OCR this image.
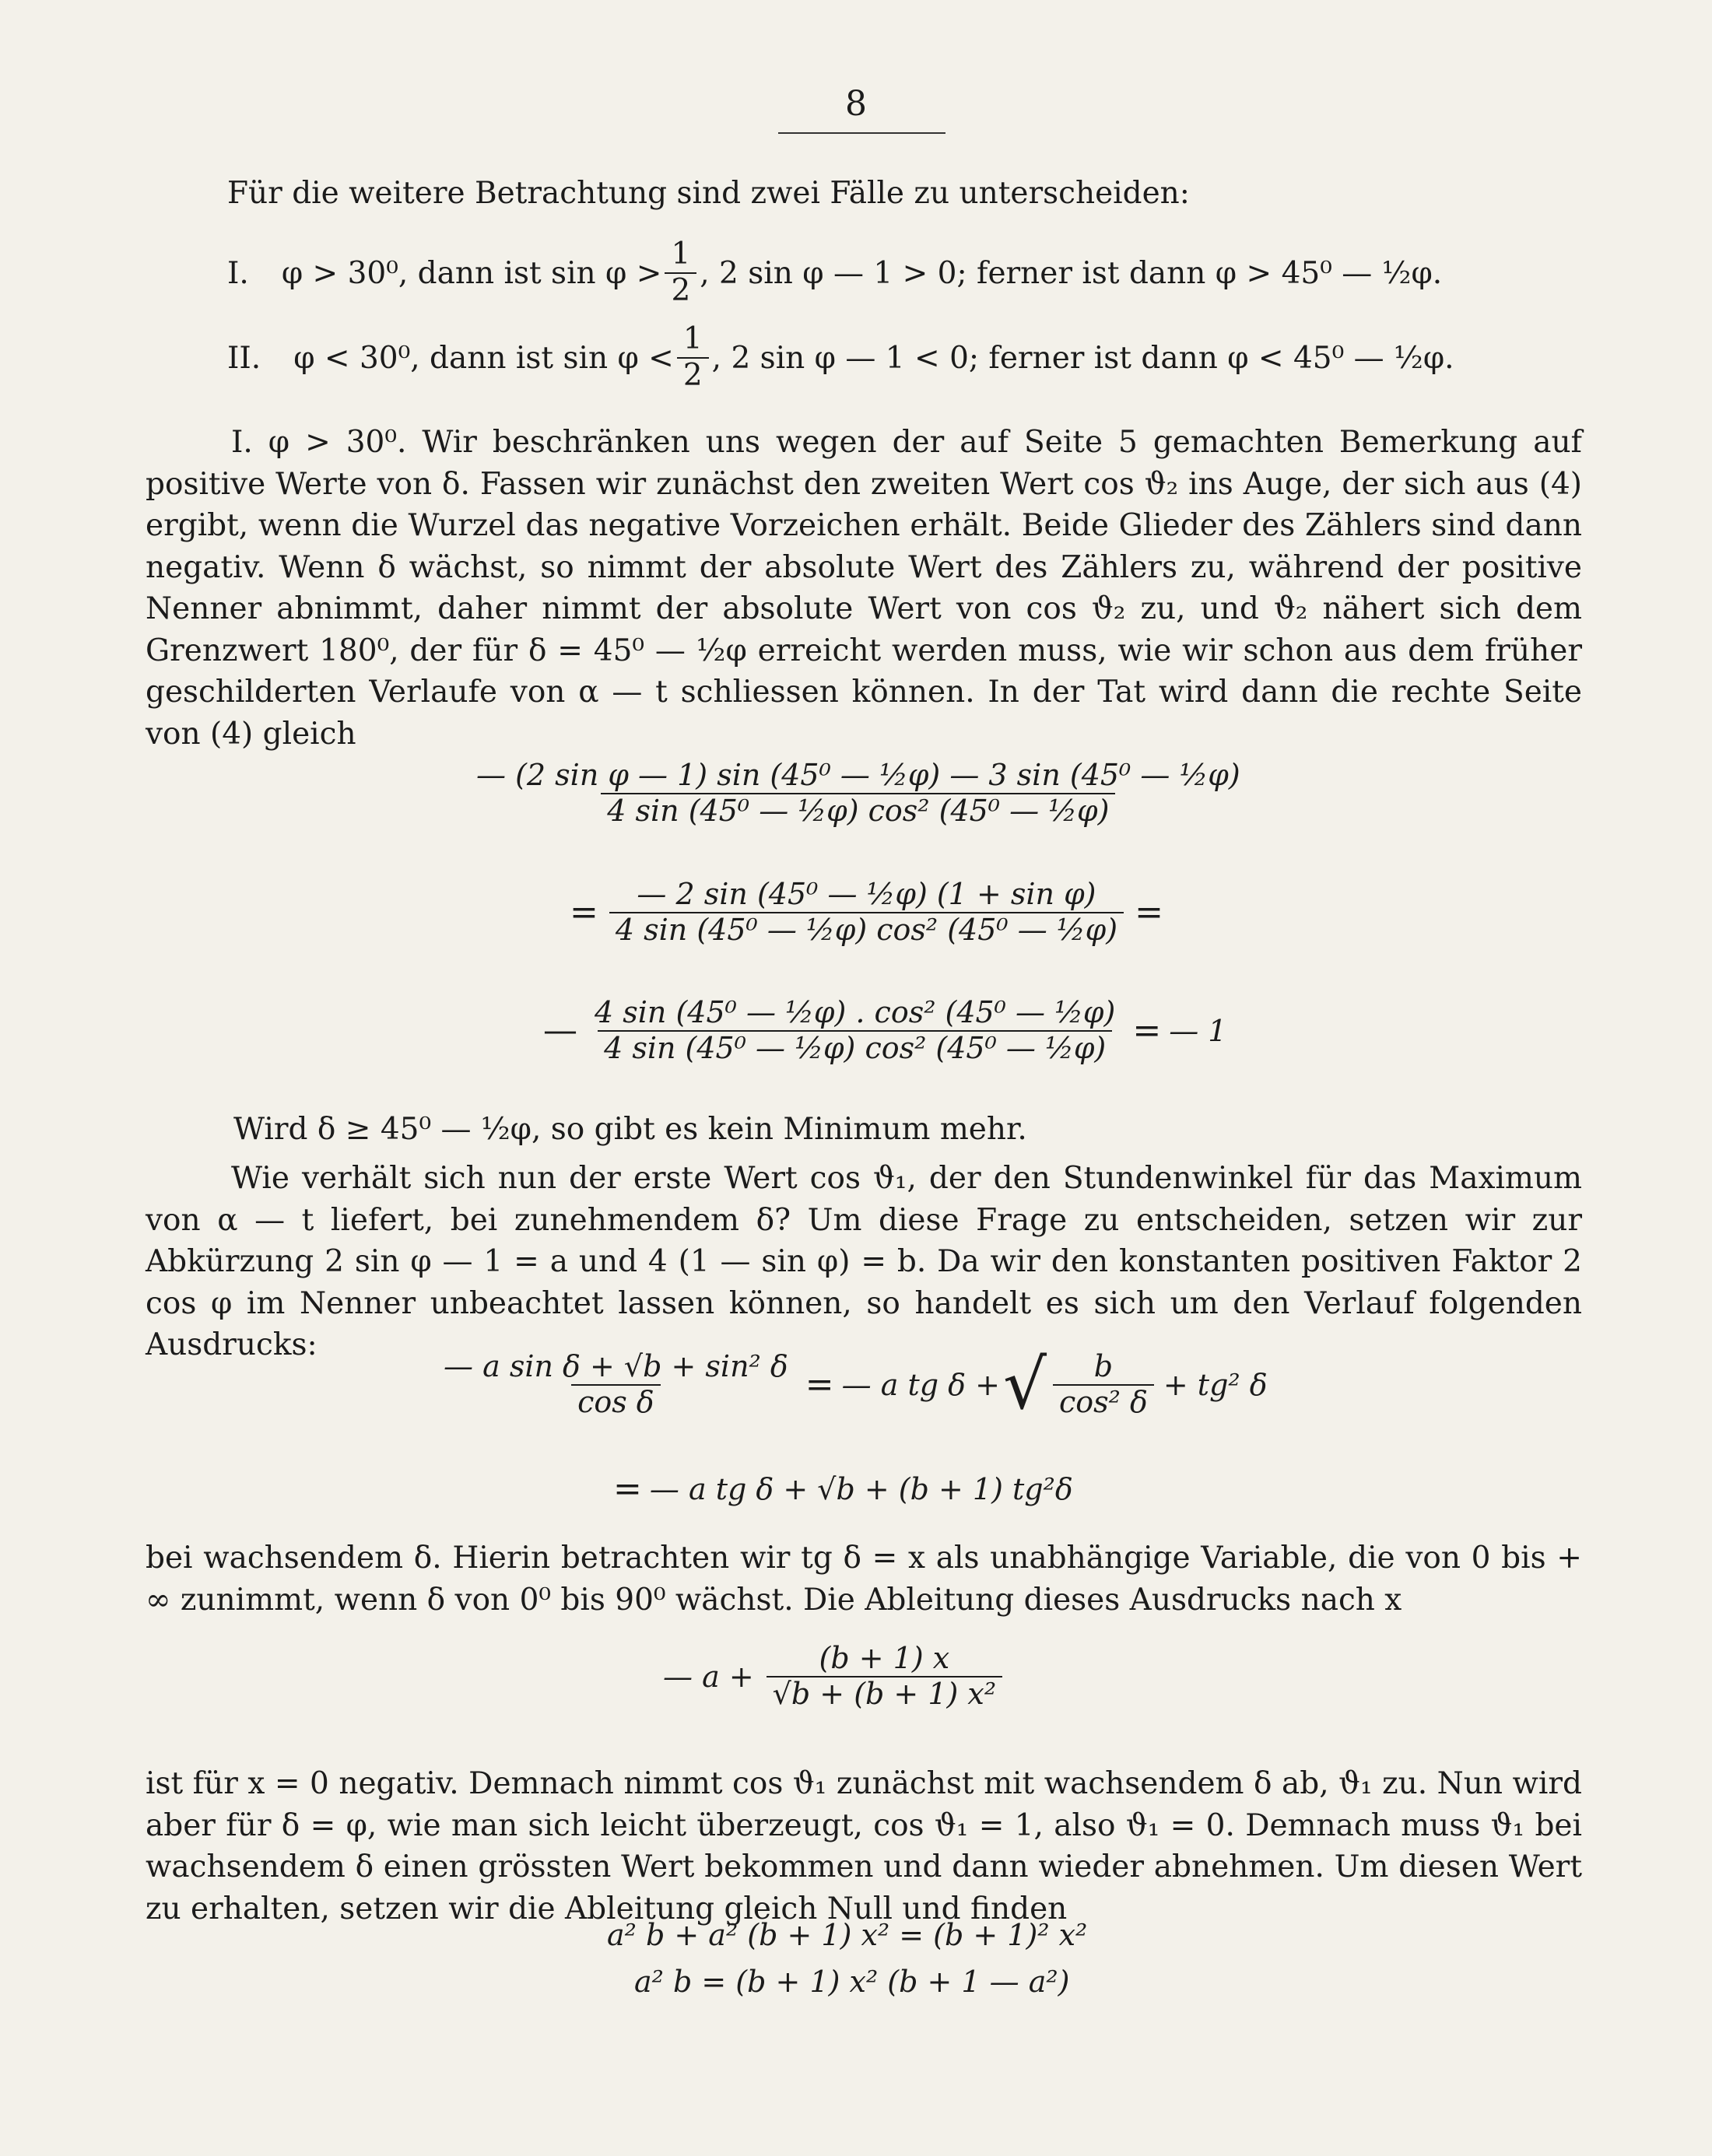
8
Für die weitere Betrachtung sind zwei Fälle zu unterscheiden:
I. φ > 30⁰, dann ist $\sin \varphi > \frac{1}{2}$ , 2 sin φ — 1 > 0; ferner ist dann φ > 45⁰ — ½φ.
II. φ < 30⁰, dann ist $\sin \varphi < \frac{1}{2}$ , 2 sin φ — 1 < 0; ferner ist dann φ < 45⁰ — ½φ.
I. φ > 30⁰. Wir beschränken uns wegen der auf Seite 5 gemachten Bemerkung auf positive Werte von δ. Fassen wir zunächst den zweiten Wert cos ϑ₂ ins Auge, der sich aus (4) ergibt, wenn die Wurzel das negative Vorzeichen erhält. Beide Glieder des Zählers sind dann negativ. Wenn δ wächst, so nimmt der absolute Wert des Zählers zu, während der positive Nenner abnimmt, daher nimmt der absolute Wert von cos ϑ₂ zu, und ϑ₂ nähert sich dem Grenzwert 180⁰, der für δ = 45⁰ — ½φ erreicht werden muss, wie wir schon aus dem früher geschilderten Verlaufe von α — t schliessen können. In der Tat wird dann die rechte Seite von (4) gleich
$\frac{\text{— (2 sin φ — 1) sin (45⁰ — ½φ) — 3 sin (45⁰ — ½φ)}}{\text{4 sin (45⁰ — ½φ) cos² (45⁰ — ½φ)}}$
= $\frac{\text{— 2 sin (45⁰ — ½φ) (1 + sin φ)}}{\text{4 sin (45⁰ — ½φ) cos² (45⁰ — ½φ)}}$ =
— $\frac{\text{4 sin (45⁰ — ½φ) . cos² (45⁰ — ½φ)}}{\text{4 sin (45⁰ — ½φ) cos² (45⁰ — ½φ)}}$ = — 1
Wird δ ≥ 45⁰ — ½φ, so gibt es kein Minimum mehr.
Wie verhält sich nun der erste Wert cos ϑ₁, der den Stundenwinkel für das Maximum von α — t liefert, bei zunehmendem δ? Um diese Frage zu entscheiden, setzen wir zur Abkürzung 2 sin φ — 1 = a und 4 (1 — sin φ) = b. Da wir den konstanten positiven Faktor 2 cos φ im Nenner unbeachtet lassen können, so handelt es sich um den Verlauf folgenden Ausdrucks:
$\frac{\text{— a sin δ + √b + sin² δ}}{\text{cos δ}}$ = — a tg δ + √ $\frac{b}{\text{cos² δ}} + tg^2$ δ
= — a tg δ + √b + (b + 1) tg²δ
bei wachsendem δ. Hierin betrachten wir tg δ = x als unabhängige Variable, die von 0 bis + ∞ zunimmt, wenn δ von 0⁰ bis 90⁰ wächst. Die Ableitung dieses Ausdrucks nach x
— $a + \frac{(b + 1) x}{\text{√b + (b + 1) x²}}$
ist für x = 0 negativ. Demnach nimmt cos ϑ₁ zunächst mit wachsendem δ ab, ϑ₁ zu. Nun wird aber für δ = φ, wie man sich leicht überzeugt, cos ϑ₁ = 1, also ϑ₁ = 0. Demnach muss ϑ₁ bei wachsendem δ einen grössten Wert bekommen und dann wieder abnehmen. Um diesen Wert zu erhalten, setzen wir die Ableitung gleich Null und finden
a² b + a² (b + 1) x² = (b + 1)² x²
a² b = (b + 1) x² (b + 1 — a²)
